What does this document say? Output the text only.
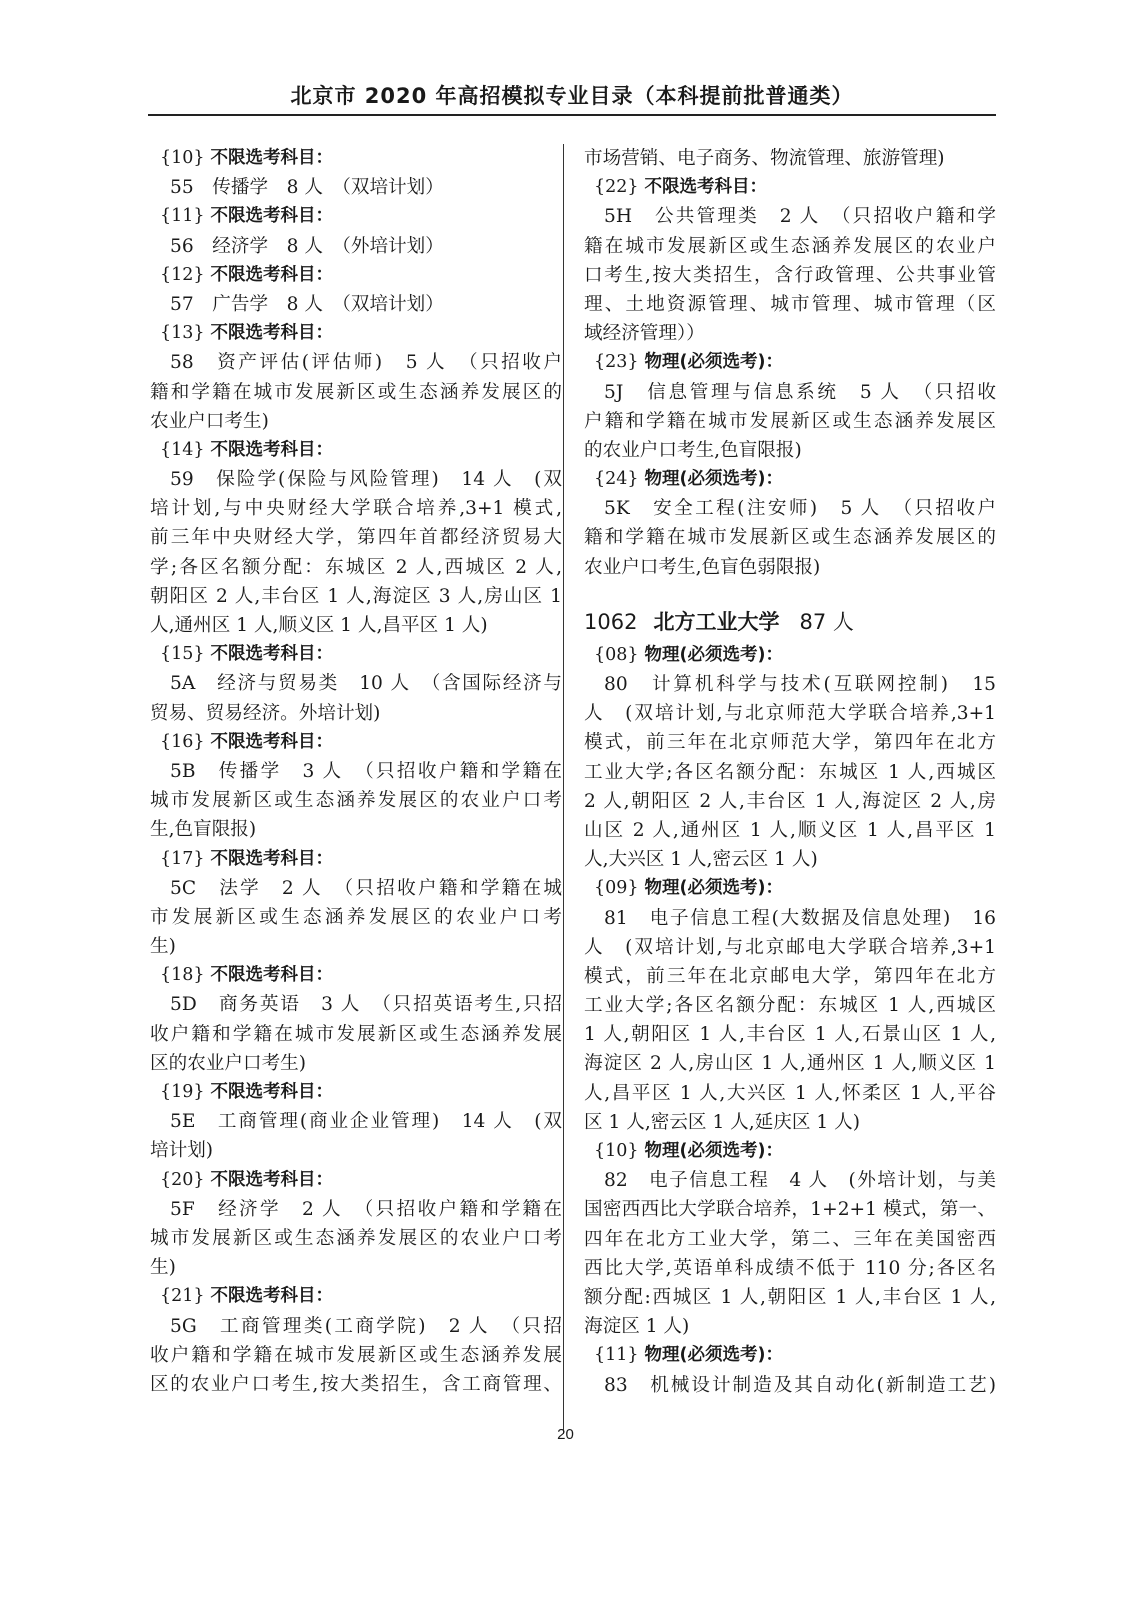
北京市 2020 年高招模拟专业目录（本科提前批普通类）
{10} 不限选考科目：
55　传播学　8 人　（双培计划）
{11} 不限选考科目：
56　经济学　8 人　（外培计划）
{12} 不限选考科目：
57　广告学　8 人　（双培计划）
{13} 不限选考科目：
58　资产评估(评估师)　5 人　（只招收户
籍和学籍在城市发展新区或生态涵养发展区的
农业户口考生)
{14} 不限选考科目：
59　保险学(保险与风险管理)　14 人　(双
培计划,与中央财经大学联合培养,3+1 模式,
前三年中央财经大学，第四年首都经济贸易大
学;各区名额分配：东城区 2 人,西城区 2 人,
朝阳区 2 人,丰台区 1 人,海淀区 3 人,房山区 1
人,通州区 1 人,顺义区 1 人,昌平区 1 人)
{15} 不限选考科目：
5A　经济与贸易类　10 人　（含国际经济与
贸易、贸易经济。外培计划)
{16} 不限选考科目：
5B　传播学　3 人　（只招收户籍和学籍在
城市发展新区或生态涵养发展区的农业户口考
生,色盲限报)
{17} 不限选考科目：
5C　法学　2 人　（只招收户籍和学籍在城
市发展新区或生态涵养发展区的农业户口考
生)
{18} 不限选考科目：
5D　商务英语　3 人　（只招英语考生,只招
收户籍和学籍在城市发展新区或生态涵养发展
区的农业户口考生)
{19} 不限选考科目：
5E　工商管理(商业企业管理)　14 人　(双
培计划)
{20} 不限选考科目：
5F　经济学　2 人　（只招收户籍和学籍在
城市发展新区或生态涵养发展区的农业户口考
生)
{21} 不限选考科目：
5G　工商管理类(工商学院)　2 人　（只招
收户籍和学籍在城市发展新区或生态涵养发展
区的农业户口考生,按大类招生，含工商管理、
市场营销、电子商务、物流管理、旅游管理)
{22} 不限选考科目：
5H　公共管理类　2 人　（只招收户籍和学
籍在城市发展新区或生态涵养发展区的农业户
口考生,按大类招生，含行政管理、公共事业管
理、土地资源管理、城市管理、城市管理（区
域经济管理））
{23} 物理(必须选考)：
5J　信息管理与信息系统　5 人　（只招收
户籍和学籍在城市发展新区或生态涵养发展区
的农业户口考生,色盲限报)
{24} 物理(必须选考)：
5K　安全工程(注安师)　5 人　（只招收户
籍和学籍在城市发展新区或生态涵养发展区的
农业户口考生,色盲色弱限报)
1062 北方工业大学 87 人
{08} 物理(必须选考)：
80　计算机科学与技术(互联网控制)　15
人　(双培计划,与北京师范大学联合培养,3+1
模式，前三年在北京师范大学，第四年在北方
工业大学;各区名额分配：东城区 1 人,西城区
2 人,朝阳区 2 人,丰台区 1 人,海淀区 2 人,房
山区 2 人,通州区 1 人,顺义区 1 人,昌平区 1
人,大兴区 1 人,密云区 1 人)
{09} 物理(必须选考)：
81　电子信息工程(大数据及信息处理)　16
人　(双培计划,与北京邮电大学联合培养,3+1
模式，前三年在北京邮电大学，第四年在北方
工业大学;各区名额分配：东城区 1 人,西城区
1 人,朝阳区 1 人,丰台区 1 人,石景山区 1 人,
海淀区 2 人,房山区 1 人,通州区 1 人,顺义区 1
人,昌平区 1 人,大兴区 1 人,怀柔区 1 人,平谷
区 1 人,密云区 1 人,延庆区 1 人)
{10} 物理(必须选考)：
82　电子信息工程　4 人　(外培计划，与美
国密西西比大学联合培养，1+2+1 模式，第一、
四年在北方工业大学，第二、三年在美国密西
西比大学,英语单科成绩不低于 110 分;各区名
额分配:西城区 1 人,朝阳区 1 人,丰台区 1 人,
海淀区 1 人)
{11} 物理(必须选考)：
83　机械设计制造及其自动化(新制造工艺)
20
